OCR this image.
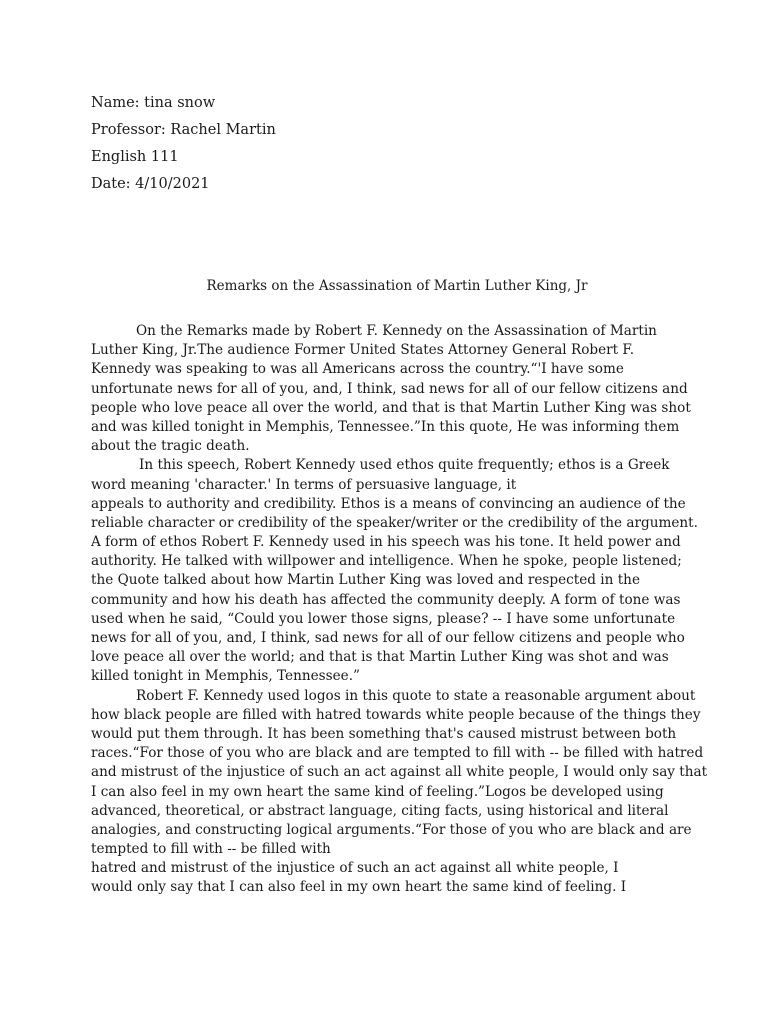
Name: tina snow
Professor: Rachel Martin
English 111
Date: 4/10/2021
Remarks on the Assassination of Martin Luther King, Jr
On the Remarks made by Robert F. Kennedy on the Assassination of Martin
Luther King, Jr.The audience Former United States Attorney General Robert F.
Kennedy was speaking to was all Americans across the country.“'I have some
unfortunate news for all of you, and, I think, sad news for all of our fellow citizens and
people who love peace all over the world, and that is that Martin Luther King was shot
and was killed tonight in Memphis, Tennessee.”In this quote, He was informing them
about the tragic death.
In this speech, Robert Kennedy used ethos quite frequently; ethos is a Greek
word meaning 'character.' In terms of persuasive language, it
appeals to authority and credibility. Ethos is a means of convincing an audience of the
reliable character or credibility of the speaker/writer or the credibility of the argument.
A form of ethos Robert F. Kennedy used in his speech was his tone. It held power and
authority. He talked with willpower and intelligence. When he spoke, people listened;
the Quote talked about how Martin Luther King was loved and respected in the
community and how his death has affected the community deeply. A form of tone was
used when he said, “Could you lower those signs, please? -- I have some unfortunate
news for all of you, and, I think, sad news for all of our fellow citizens and people who
love peace all over the world; and that is that Martin Luther King was shot and was
killed tonight in Memphis, Tennessee.”
Robert F. Kennedy used logos in this quote to state a reasonable argument about
how black people are filled with hatred towards white people because of the things they
would put them through. It has been something that's caused mistrust between both
races.“For those of you who are black and are tempted to fill with -- be filled with hatred
and mistrust of the injustice of such an act against all white people, I would only say that
I can also feel in my own heart the same kind of feeling.”Logos be developed using
advanced, theoretical, or abstract language, citing facts, using historical and literal
analogies, and constructing logical arguments.“For those of you who are black and are
tempted to fill with -- be filled with
hatred and mistrust of the injustice of such an act against all white people, I
would only say that I can also feel in my own heart the same kind of feeling. I
